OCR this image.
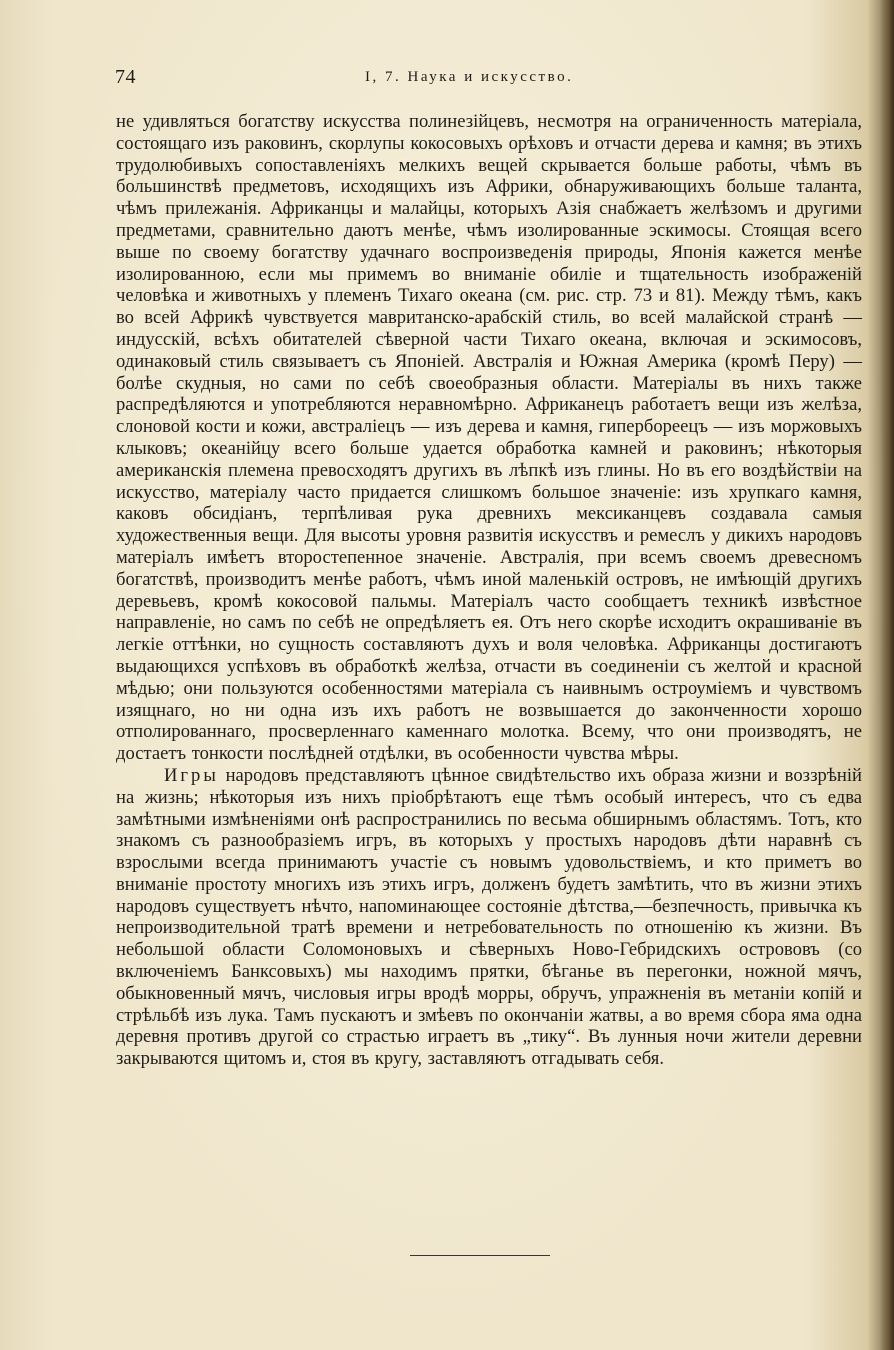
74	I, 7. Наука и искусство.

не удивляться богатству искусства полинезійцевъ, несмотря на ограниченность матеріала, состоящаго изъ раковинъ, скорлупы кокосовыхъ орѣховъ и отчасти дерева и камня; въ этихъ трудолюбивыхъ сопоставленіяхъ мелкихъ вещей скрывается больше работы, чѣмъ въ большинствѣ предметовъ, исходящихъ изъ Африки, обнаруживающихъ больше таланта, чѣмъ прилежанія. Африканцы и малайцы, которыхъ Азія снабжаетъ желѣзомъ и другими предметами, сравнительно даютъ менѣе, чѣмъ изолированные эскимосы. Стоящая всего выше по своему богатству удачнаго воспроизведенія природы, Японія кажется менѣе изолированною, если мы примемъ во вниманіе обиліе и тщательность изображеній человѣка и животныхъ у племенъ Тихаго океана (см. рис. стр. 73 и 81). Между тѣмъ, какъ во всей Африкѣ чувствуется мавританско-арабскій стиль, во всей малайской странѣ — индусскій, всѣхъ обитателей сѣверной части Тихаго океана, включая и эскимосовъ, одинаковый стиль связываетъ съ Японіей. Австралія и Южная Америка (кромѣ Перу) — болѣе скудныя, но сами по себѣ своеобразныя области. Матеріалы въ нихъ также распредѣляются и употребляются неравномѣрно. Африканецъ работаетъ вещи изъ желѣза, слоновой кости и кожи, австраліецъ — изъ дерева и камня, гипербореецъ — изъ моржовыхъ клыковъ; океанійцу всего больше удается обработка камней и раковинъ; нѣкоторыя американскія племена превосходятъ другихъ въ лѣпкѣ изъ глины. Но въ его воздѣйствіи на искусство, матеріалу часто придается слишкомъ большое значеніе: изъ хрупкаго камня, каковъ обсидіанъ, терпѣливая рука древнихъ мексиканцевъ создавала самыя художественныя вещи. Для высоты уровня развитія искусствъ и ремеслъ у дикихъ народовъ матеріалъ имѣетъ второстепенное значеніе. Австралія, при всемъ своемъ древесномъ богатствѣ, производитъ менѣе работъ, чѣмъ иной маленькій островъ, не имѣющій другихъ деревьевъ, кромѣ кокосовой пальмы. Матеріалъ часто сообщаетъ техникѣ извѣстное направленіе, но самъ по себѣ не опредѣляетъ ея. Отъ него скорѣе исходитъ окрашиваніе въ легкіе оттѣнки, но сущность составляютъ духъ и воля человѣка. Африканцы достигаютъ выдающихся успѣховъ въ обработкѣ желѣза, отчасти въ соединеніи съ желтой и красной мѣдью; они пользуются особенностями матеріала съ наивнымъ остроуміемъ и чувствомъ изящнаго, но ни одна изъ ихъ работъ не возвышается до законченности хорошо отполированнаго, просверленнаго каменнаго молотка. Всему, что они производятъ, не достаетъ тонкости послѣдней отдѣлки, въ особенности чувства мѣры.

Игры народовъ представляютъ цѣнное свидѣтельство ихъ образа жизни и воззрѣній на жизнь; нѣкоторыя изъ нихъ пріобрѣтаютъ еще тѣмъ особый интересъ, что съ едва замѣтными измѣненіями онѣ распространились по весьма обширнымъ областямъ. Тотъ, кто знакомъ съ разнообразіемъ игръ, въ которыхъ у простыхъ народовъ дѣти наравнѣ съ взрослыми всегда принимаютъ участіе съ новымъ удовольствіемъ, и кто приметъ во вниманіе простоту многихъ изъ этихъ игръ, долженъ будетъ замѣтить, что въ жизни этихъ народовъ существуетъ нѣчто, напоминающее состояніе дѣтства,—безпечность, привычка къ непроизводительной тратѣ времени и нетребовательность по отношенію къ жизни. Въ небольшой области Соломоновыхъ и сѣверныхъ Ново-Гебридскихъ острововъ (со включеніемъ Банксовыхъ) мы находимъ прятки, бѣганье въ перегонки, ножной мячъ, обыкновенный мячъ, числовыя игры вродѣ морры, обручъ, упражненія въ метаніи копій и стрѣльбѣ изъ лука. Тамъ пускаютъ и змѣевъ по окончаніи жатвы, а во время сбора яма одна деревня противъ другой со страстью играетъ въ „тику“. Въ лунныя ночи жители деревни закрываются щитомъ и, стоя въ кругу, заставляютъ отгадывать себя.
